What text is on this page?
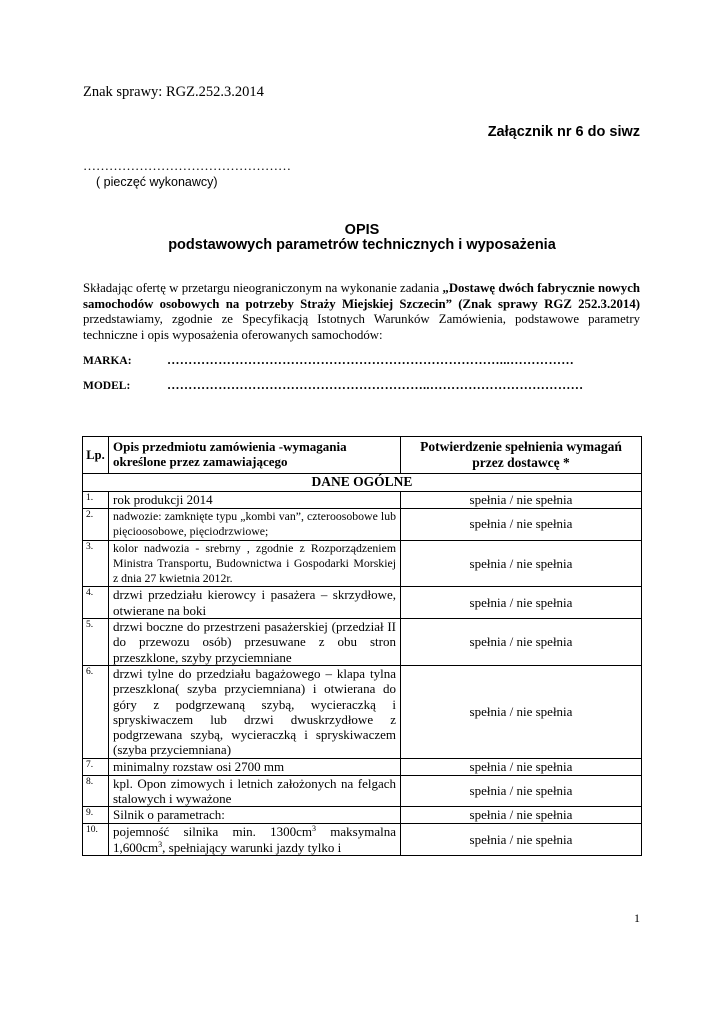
Znak sprawy: RGZ.252.3.2014
Załącznik nr 6 do siwz
…………………………………………
( pieczęć wykonawcy)
OPIS
podstawowych parametrów technicznych i wyposażenia
Składając ofertę w przetargu nieograniczonym na wykonanie zadania „Dostawę dwóch fabrycznie nowych samochodów osobowych na potrzeby Straży Miejskiej Szczecin” (Znak sprawy RGZ 252.3.2014) przedstawiamy, zgodnie ze Specyfikacją Istotnych Warunków Zamówienia, podstawowe parametry techniczne i opis wyposażenia oferowanych samochodów:
MARKA:	……………………………………………………………………...……………
MODEL:	……………………………………………………..………………………………
Lp.	Opis przedmiotu zamówienia -wymagania określone przez zamawiającego	Potwierdzenie spełnienia wymagań przez dostawcę *
DANE OGÓLNE		
1.	rok produkcji 2014	spełnia / nie spełnia
2.	nadwozie: zamknięte typu „kombi van”, czteroosobowe lub pięcioosobowe, pięciodrzwiowe;	spełnia / nie spełnia
3.	kolor nadwozia - srebrny , zgodnie z Rozporządzeniem Ministra Transportu, Budownictwa i Gospodarki Morskiej z dnia 27 kwietnia 2012r.	spełnia / nie spełnia
4.	drzwi przedziału kierowcy i pasażera – skrzydłowe, otwierane na boki	spełnia / nie spełnia
5.	drzwi boczne do przestrzeni pasażerskiej (przedział II do przewozu osób) przesuwane z obu stron przeszklone, szyby przyciemniane	spełnia / nie spełnia
6.	drzwi tylne do przedziału bagażowego – klapa tylna przeszklona( szyba przyciemniana) i otwierana do góry z podgrzewaną szybą, wycieraczką i spryskiwaczem lub drzwi dwuskrzydłowe z podgrzewana szybą, wycieraczką i spryskiwaczem (szyba przyciemniana)	spełnia / nie spełnia
7.	minimalny rozstaw osi 2700 mm	spełnia / nie spełnia
8.	kpl. Opon zimowych i letnich założonych na felgach stalowych i wyważone	spełnia / nie spełnia
9.	Silnik o parametrach:	spełnia / nie spełnia
10.	pojemność silnika min. $1300cm^3$ maksymalna $1,600cm^3$, spełniający warunki jazdy tylko i	spełnia / nie spełnia
1
